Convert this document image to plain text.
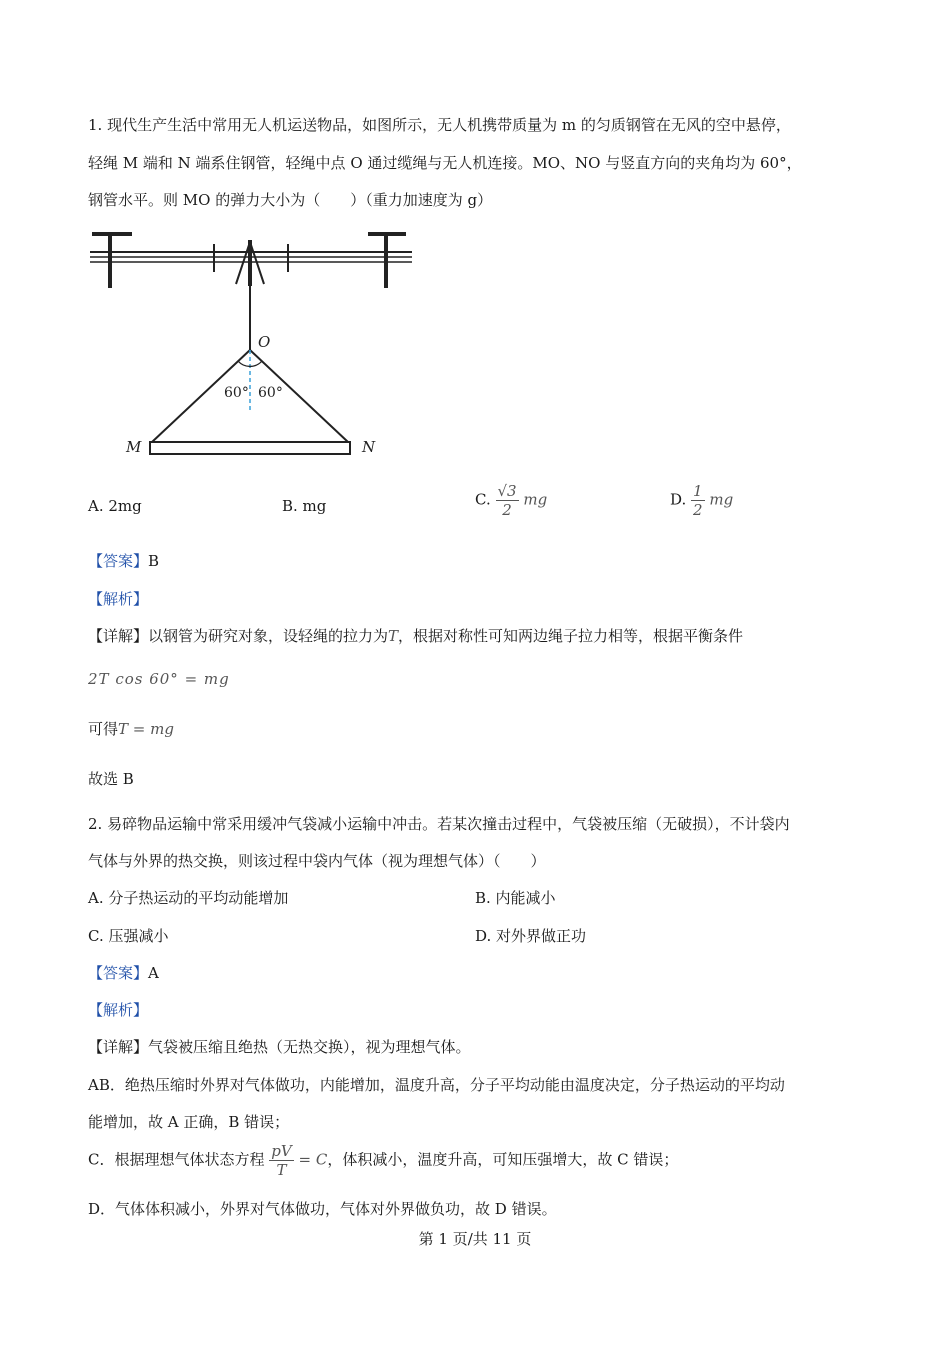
1. 现代生产生活中常用无人机运送物品，如图所示，无人机携带质量为 m 的匀质钢管在无风的空中悬停，
轻绳 M 端和 N 端系住钢管，轻绳中点 O 通过缆绳与无人机连接。MO、NO 与竖直方向的夹角均为 60°，
钢管水平。则 MO 的弹力大小为（　　）（重力加速度为 g）
O
60° 60°
M	N
A. 2mg	B. mg	C. $\frac{√3}{2}$ mg	D. $\frac{1}{2}$ mg
【答案】B
【解析】
【详解】以钢管为研究对象，设轻绳的拉力为T，根据对称性可知两边绳子拉力相等，根据平衡条件
2T cos 60° = mg
可得T = mg
故选 B
2. 易碎物品运输中常采用缓冲气袋减小运输中冲击。若某次撞击过程中，气袋被压缩（无破损），不计袋内
气体与外界的热交换，则该过程中袋内气体（视为理想气体）（　　）
A. 分子热运动的平均动能增加	B. 内能减小
C. 压强减小	D. 对外界做正功
【答案】A
【解析】
【详解】气袋被压缩且绝热（无热交换），视为理想气体。
AB．绝热压缩时外界对气体做功，内能增加，温度升高，分子平均动能由温度决定，分子热运动的平均动
能增加，故 A 正确，B 错误；
C．根据理想气体状态方程 $\frac{pV}{T} = C$，体积减小，温度升高，可知压强增大，故 C 错误；
D．气体体积减小，外界对气体做功，气体对外界做负功，故 D 错误。
第 1 页/共 11 页
